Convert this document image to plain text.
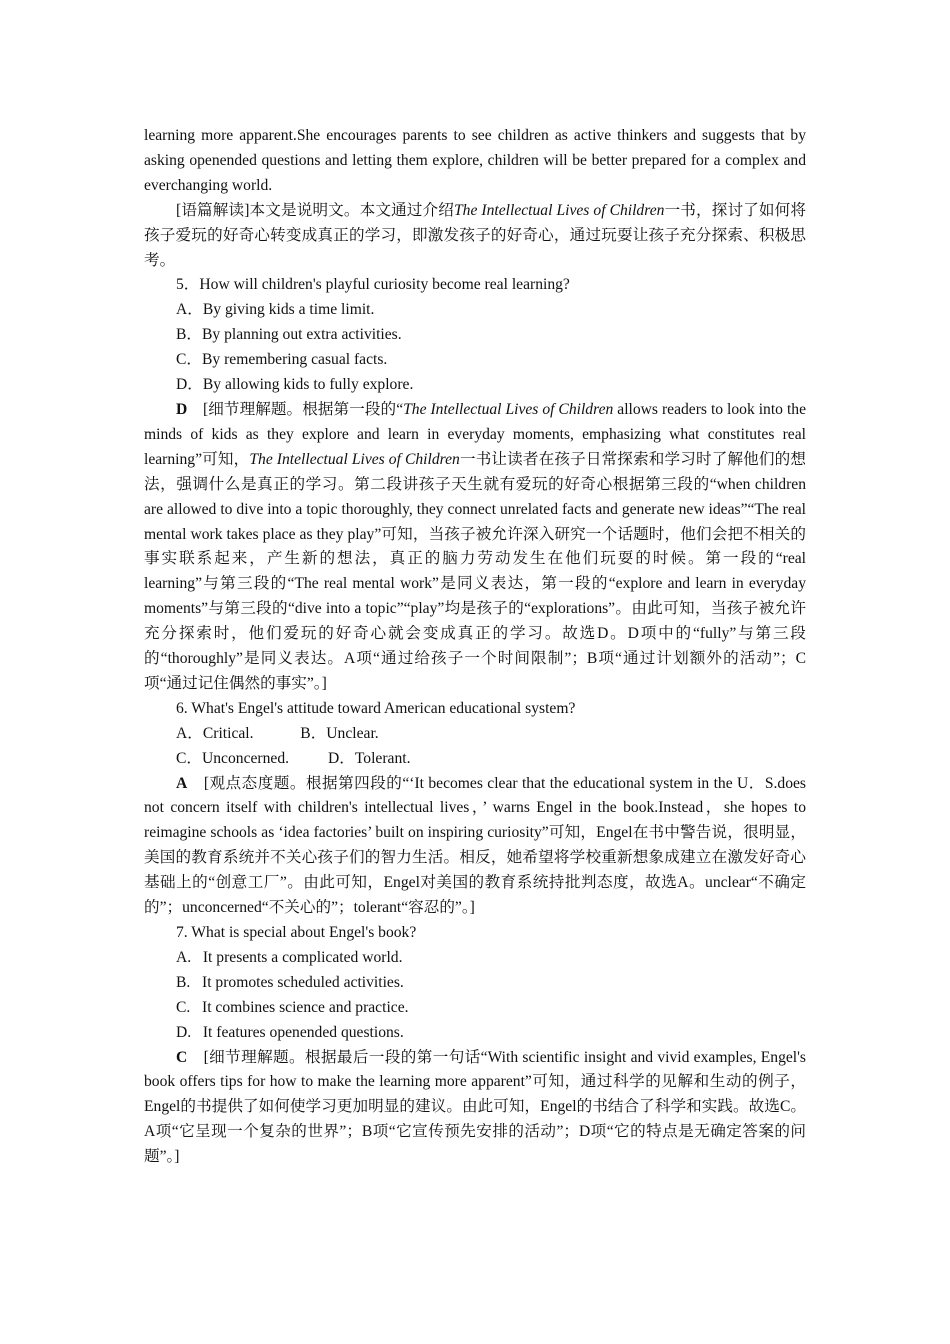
learning more apparent.She encourages parents to see children as active thinkers and suggests that by asking openended questions and letting them explore, children will be better prepared for a complex and everchanging world.

[语篇解读]本文是说明文。本文通过介绍The Intellectual Lives of Children一书，探讨了如何将孩子爱玩的好奇心转变成真正的学习，即激发孩子的好奇心，通过玩耍让孩子充分探索、积极思考。

5．How will children's playful curiosity become real learning?

A．By giving kids a time limit.

B．By planning out extra activities.

C．By remembering casual facts.

D．By allowing kids to fully explore.

D　[细节理解题。根据第一段的“The Intellectual Lives of Children allows readers to look into the minds of kids as they explore and learn in everyday moments, emphasizing what constitutes real learning”可知，The Intellectual Lives of Children一书让读者在孩子日常探索和学习时了解他们的想法，强调什么是真正的学习。第二段讲孩子天生就有爱玩的好奇心根据第三段的“when children are allowed to dive into a topic thoroughly, they connect unrelated facts and generate new ideas”“The real mental work takes place as they play”可知，当孩子被允许深入研究一个话题时，他们会把不相关的事实联系起来，产生新的想法，真正的脑力劳动发生在他们玩耍的时候。第一段的“real learning”与第三段的“The real mental work”是同义表达，第一段的“explore and learn in everyday moments”与第三段的“dive into a topic”“play”均是孩子的“explorations”。由此可知，当孩子被允许充分探索时，他们爱玩的好奇心就会变成真正的学习。故选D。D项中的“fully”与第三段的“thoroughly”是同义表达。A项“通过给孩子一个时间限制”；B项“通过计划额外的活动”；C项“通过记住偶然的事实”。]

6. What's Engel's attitude toward American educational system?

A．Critical.            B．Unclear.

C．Unconcerned.          D．Tolerant.

A　[观点态度题。根据第四段的“‘It becomes clear that the educational system in the U．S.does not concern itself with children's intellectual lives，’ warns Engel in the book.Instead，she hopes to reimagine schools as ‘idea factories’ built on inspiring curiosity”可知，Engel在书中警告说，很明显，美国的教育系统并不关心孩子们的智力生活。相反，她希望将学校重新想象成建立在激发好奇心基础上的“创意工厂”。由此可知，Engel对美国的教育系统持批判态度，故选A。unclear“不确定的”；unconcerned“不关心的”；tolerant“容忍的”。]

7. What is special about Engel's book?

A.   It presents a complicated world.

B.   It promotes scheduled activities.

C.   It combines science and practice.

D.   It features openended questions.

C　[细节理解题。根据最后一段的第一句话“With scientific insight and vivid examples, Engel's book offers tips for how to make the learning more apparent”可知，通过科学的见解和生动的例子，Engel的书提供了如何使学习更加明显的建议。由此可知，Engel的书结合了科学和实践。故选C。A项“它呈现一个复杂的世界”；B项“它宣传预先安排的活动”；D项“它的特点是无确定答案的问题”。]
